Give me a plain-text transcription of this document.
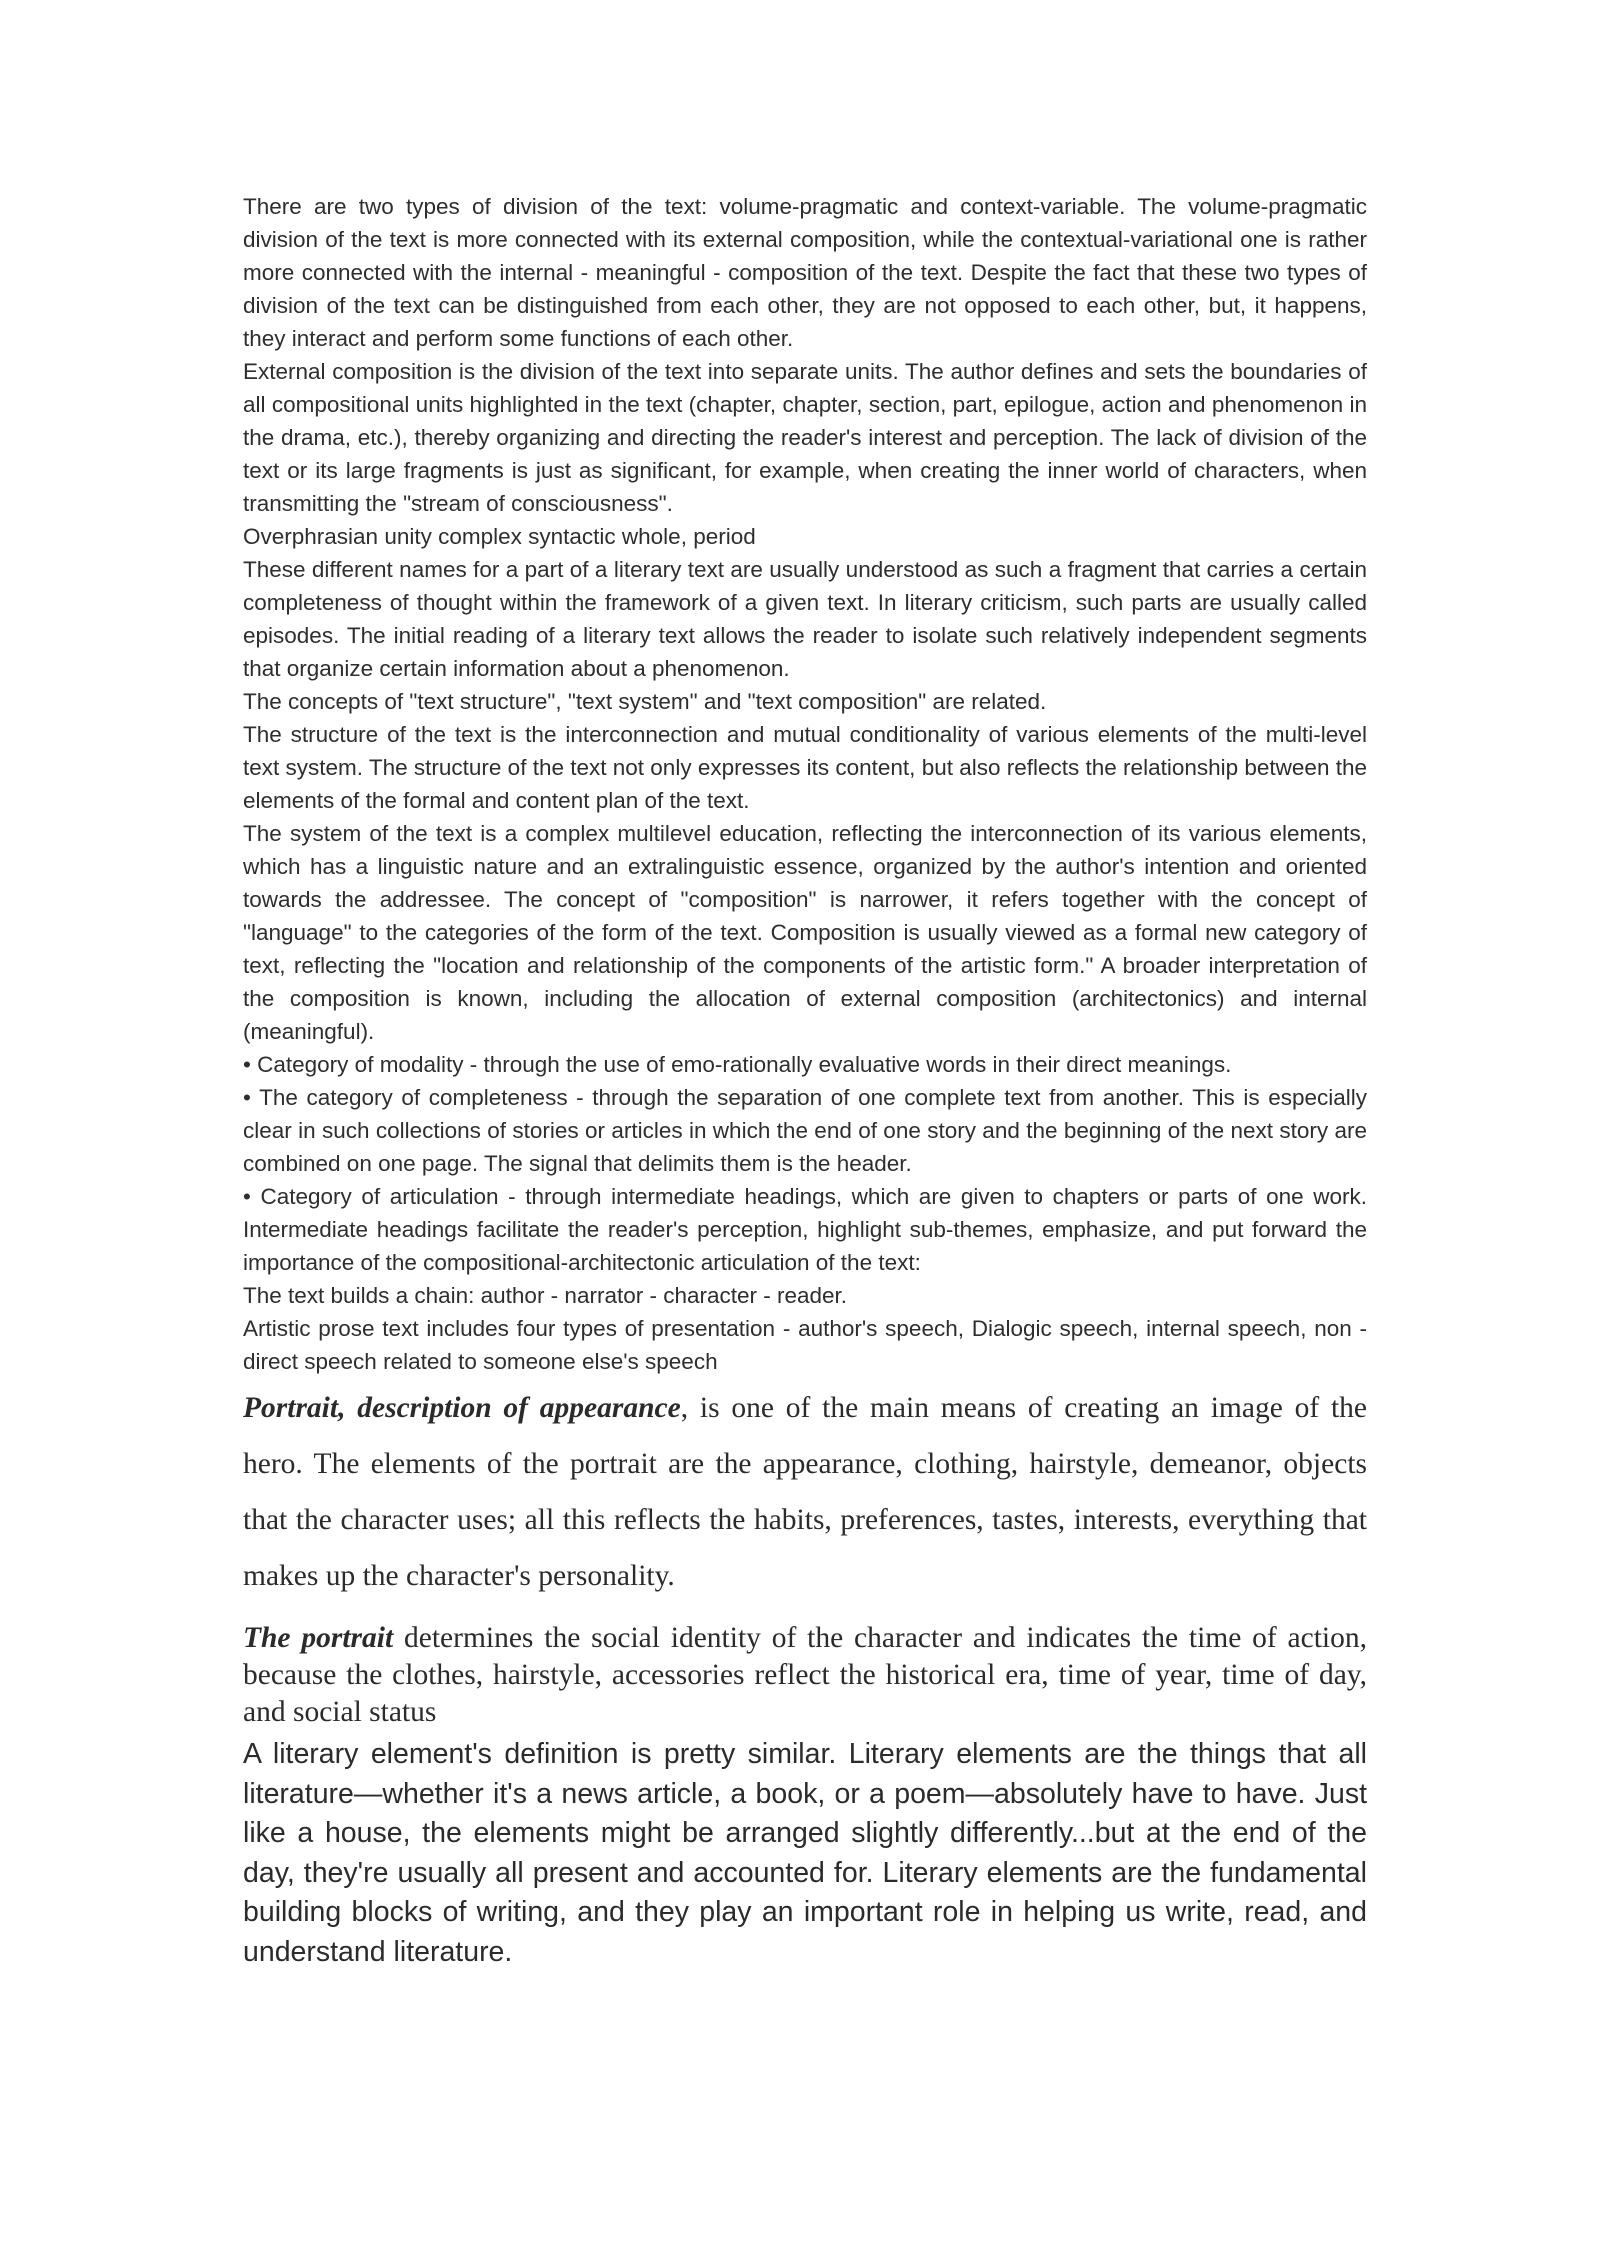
There are two types of division of the text: volume-pragmatic and context-variable. The volume-pragmatic division of the text is more connected with its external composition, while the contextual-variational one is rather more connected with the internal - meaningful - composition of the text. Despite the fact that these two types of division of the text can be distinguished from each other, they are not opposed to each other, but, it happens, they interact and perform some functions of each other.

External composition is the division of the text into separate units. The author defines and sets the boundaries of all compositional units highlighted in the text (chapter, chapter, section, part, epilogue, action and phenomenon in the drama, etc.), thereby organizing and directing the reader's interest and perception. The lack of division of the text or its large fragments is just as significant, for example, when creating the inner world of characters, when transmitting the "stream of consciousness".

Overphrasian unity complex syntactic whole, period

These different names for a part of a literary text are usually understood as such a fragment that carries a certain completeness of thought within the framework of a given text. In literary criticism, such parts are usually called episodes. The initial reading of a literary text allows the reader to isolate such relatively independent segments that organize certain information about a phenomenon.

The concepts of "text structure", "text system" and "text composition" are related.

The structure of the text is the interconnection and mutual conditionality of various elements of the multi-level text system. The structure of the text not only expresses its content, but also reflects the relationship between the elements of the formal and content plan of the text.

The system of the text is a complex multilevel education, reflecting the interconnection of its various elements, which has a linguistic nature and an extralinguistic essence, organized by the author's intention and oriented towards the addressee. The concept of "composition" is narrower, it refers together with the concept of "language" to the categories of the form of the text. Composition is usually viewed as a formal new category of text, reflecting the "location and relationship of the components of the artistic form." A broader interpretation of the composition is known, including the allocation of external composition (architectonics) and internal (meaningful).

• Category of modality - through the use of emo-rationally evaluative words in their direct meanings.

• The category of completeness - through the separation of one complete text from another. This is especially clear in such collections of stories or articles in which the end of one story and the beginning of the next story are combined on one page. The signal that delimits them is the header.

• Category of articulation - through intermediate headings, which are given to chapters or parts of one work. Intermediate headings facilitate the reader's perception, highlight sub-themes, emphasize, and put forward the importance of the compositional-architectonic articulation of the text:

The text builds a chain: author - narrator - character - reader.

Artistic prose text includes four types of presentation - author's speech, Dialogic speech, internal speech, non - direct speech related to someone else's speech

Portrait, description of appearance, is one of the main means of creating an image of the hero. The elements of the portrait are the appearance, clothing, hairstyle, demeanor, objects that the character uses; all this reflects the habits, preferences, tastes, interests, everything that makes up the character's personality.

The portrait determines the social identity of the character and indicates the time of action, because the clothes, hairstyle, accessories reflect the historical era, time of year, time of day, and social status

A literary element's definition is pretty similar. Literary elements are the things that all literature—whether it's a news article, a book, or a poem—absolutely have to have. Just like a house, the elements might be arranged slightly differently...but at the end of the day, they're usually all present and accounted for. Literary elements are the fundamental building blocks of writing, and they play an important role in helping us write, read, and understand literature.
